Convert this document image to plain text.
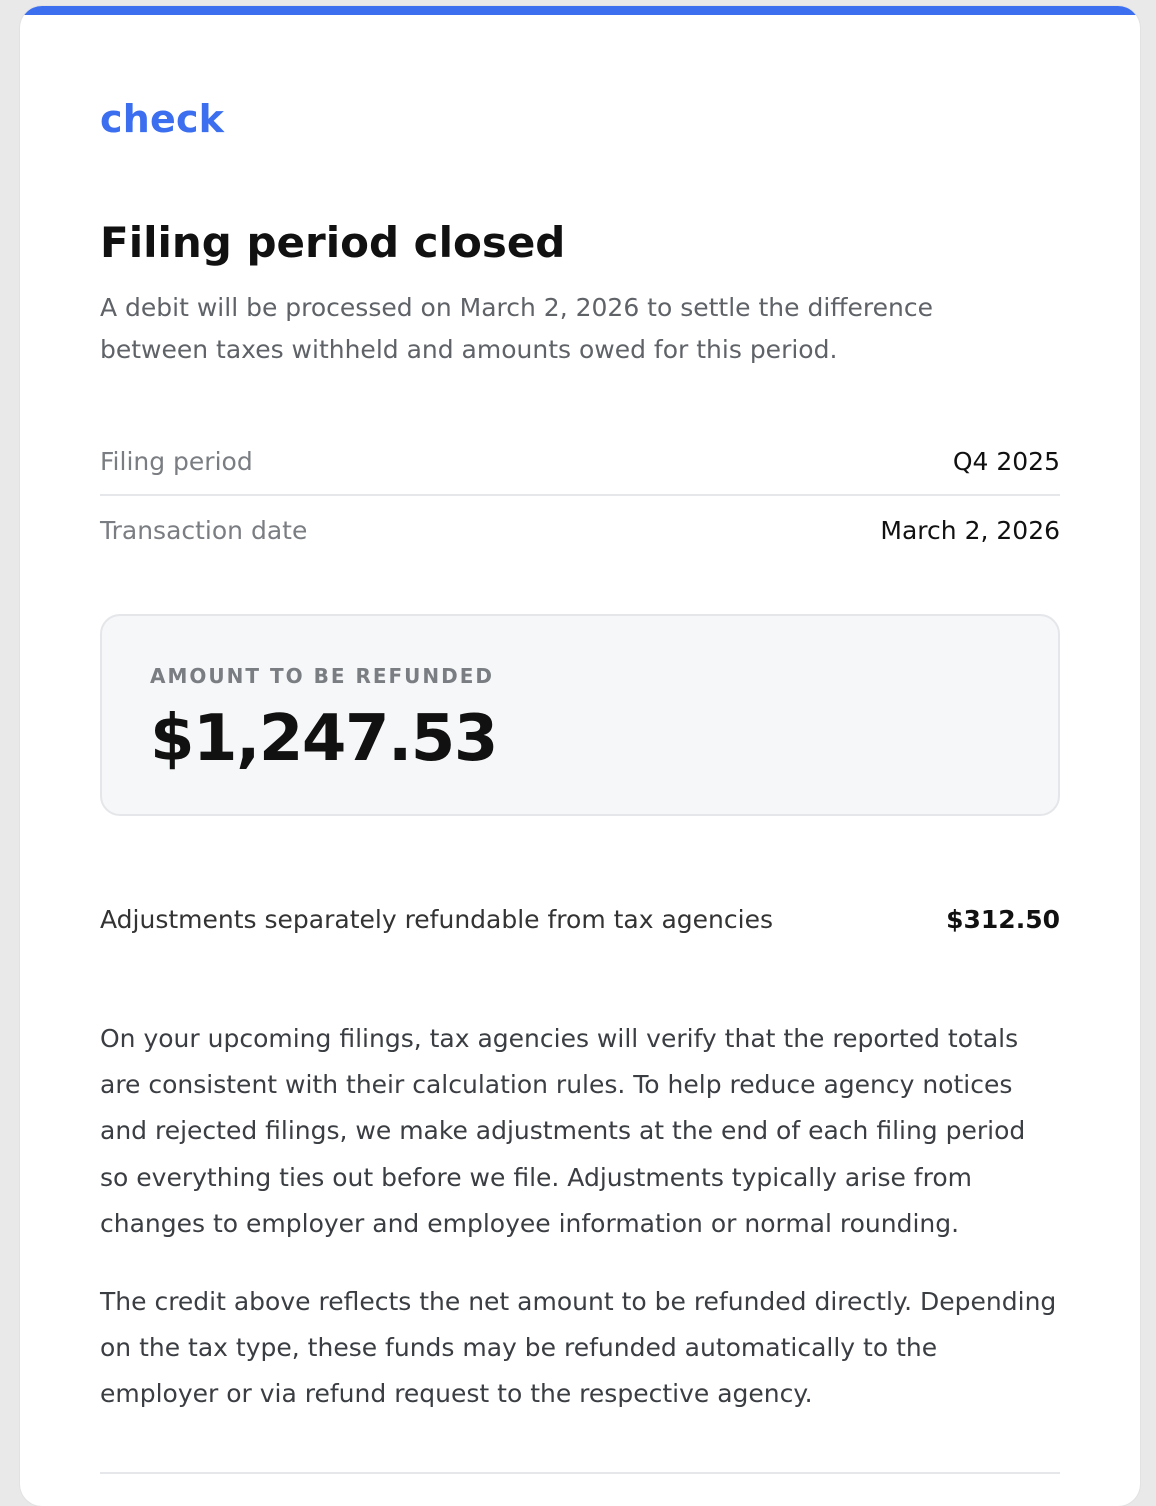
check
Filing period closed

A debit will be processed on March 2, 2026 to settle the difference between taxes withheld and amounts owed for this period.

Filing period	Q4 2025
Transaction date	March 2, 2026
AMOUNT TO BE REFUNDED
$1,247.53
Adjustments separately refundable from tax agencies	$312.50

On your upcoming filings, tax agencies will verify that the reported totals are consistent with their calculation rules. To help reduce agency notices and rejected filings, we make adjustments at the end of each filing period so everything ties out before we file. Adjustments typically arise from changes to employer and employee information or normal rounding.

The credit above reflects the net amount to be refunded directly. Depending on the tax type, these funds may be refunded automatically to the employer or via refund request to the respective agency.
